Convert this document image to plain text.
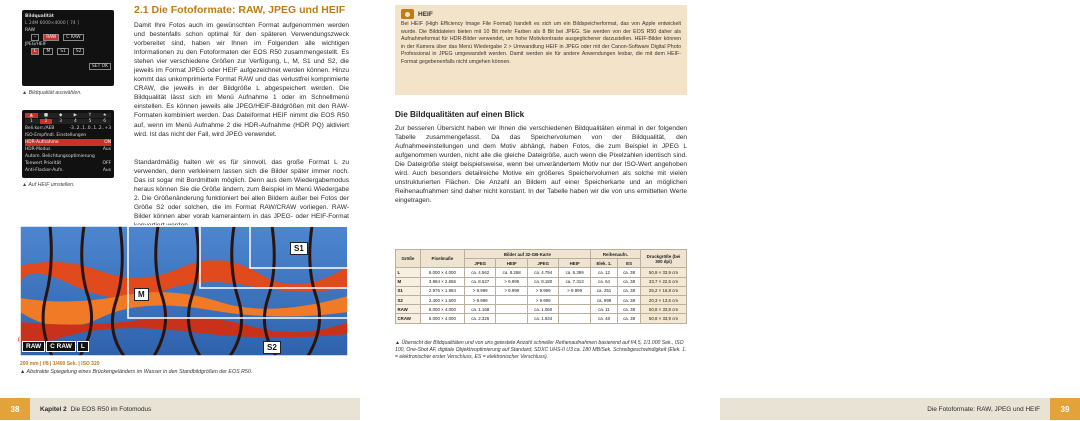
Bildqualität
L 24M 6000×4000 [ 74 ]
RAW
–	RAW	C RAW
JPEG/HEIF
L	M	S1	S2
SET OK
▲ Bildqualität auswählen.
▲	■	◆	▶	Y	★
1	2	3	4	5	6
Beli.korr./AEB	-3..2..1..0..1..2..+3
ISO-Empfindl. Einstellungen
HDR-Aufnahme	ON
HDR-Modus	Aus
Autom. Belichtungsoptimierung
Tonwert Priorität	OFF
Anti-Flacker-Aufn.	Aus
▲ Auf HEIF umstellen.
2.1 Die Fotoformate: RAW, JPEG und HEIF

Damit Ihre Fotos auch im gewünschten Format aufgenommen werden und bestenfalls schon optimal für den späteren Verwendungszweck vorbereitet sind, haben wir Ihnen im Folgenden alle wichtigen Informationen zu den Fotoformaten der EOS R50 zusammengestellt. Es stehen vier verschiedene Größen zur Verfügung, L, M, S1 und S2, die jeweils im Format JPEG oder HEIF aufgezeichnet werden können. Hinzu kommt das unkomprimierte Format RAW und das verlustfrei komprimierte CRAW, die jeweils in der Bildgröße L abgespeichert werden. Die Bildqualität lässt sich im Menü Aufnahme 1 oder im Schnellmenü einstellen. Es können jeweils alle JPEG/HEIF-Bildgrößen mit den RAW-Formaten kombiniert werden. Das Dateiformat HEIF nimmt die EOS R50 auf, wenn im Menü Aufnahme 2 die HDR-Aufnahme (HDR PQ) aktiviert wird. Ist das nicht der Fall, wird JPEG verwendet.

Standardmäßig halten wir es für sinnvoll, das große Format L zu verwenden, denn verkleinern lassen sich die Bilder später immer noch. Das ist sogar mit Bordmitteln möglich. Denn aus dem Wiedergabemodus heraus können Sie die Größe ändern, zum Beispiel im Menü Wiedergabe 2. Die Größenänderung funktioniert bei allen Bildern außer bei Fotos der Größe S2 oder solchen, die im Format RAW/CRAW vorliegen. RAW-Bilder können aber vorab kameraintern in das JPEG- oder HEIF-Format

S1
M
S2
RAW	C RAW	L
200 mm | f/8 | 1/400 Sek. | ISO 320
▲ Abstrakte Spiegelung eines Brückengeländers im Wasser in den Standbildgrößen der EOS R50.
38	Kapitel 2 Die EOS R50 im Fotomodus
HEIF

Bei HEIF (High Efficiency Image File Format) handelt es sich um ein Bildspeicherformat, das von Apple entwickelt wurde. Die Bilddateien bieten mit 10 Bit mehr Farben als 8 Bit bei JPEG. Sie werden von der EOS R50 daher als Aufnahmeformat für HDR-Bilder verwendet, um hohe Motivkontraste ausgeglichener darzustellen. HEIF-Bilder können in der Kamera über das Menü Wiedergabe 2 > Umwandlung HEIF in JPEG oder mit der Canon-Software Digital Photo Professional in JPEG umgewandelt werden. Damit werden sie für andere Anwendungen lesbar, die mit dem HEIF-Format gegebenenfalls nicht umgehen können.

Die Bildqualitäten auf einen Blick

Zur besseren Übersicht haben wir Ihnen die verschiedenen Bildqualitäten einmal in der folgenden Tabelle zusammengefasst. Da das Speichervolumen von der Bildqualität, den Aufnahmeeinstellungen und dem Motiv abhängt, haben Fotos, die zum Beispiel in JPEG L aufgenommen wurden, nicht alle die gleiche Dateigröße, auch wenn die Pixelzahlen identisch sind. Die Dateigröße steigt beispielsweise, wenn bei unverändertem Motiv nur der ISO-Wert angehoben wird. Auch besonders detailreiche Motive ein größeres Speichervolumen als solche mit vielen unstrukturierten Flächen. Die Anzahl an Bildern auf einer Speicherkarte und an möglichen Reihenaufnahmen sind daher nicht konstant. In der Tabelle haben wir die von uns ermittelten Werte eingetragen.

Größe	Pixelmaße	Bilder auf 32-GB-Karte				Reihenaufn.		Druckgröße (bei 300 dpi)
		JPEG	HEIF	JPEG	HEIF	Elek. 1.	ES	
L	6.000 × 4.000	ca. 4.562	ca. 8.268	ca. 4.794	ca. 6.399	ca. 12	ca. 38	50,8 × 33,9 cm
M	3.984 × 2.656	ca. 8.627	> 9.999	ca. 8.180	ca. 7.313	ca. 64	ca. 38	33,7 × 22,5 cm
S1	2.976 × 1.984	> 9.999	> 9.999	> 9.999	> 9.999	ca. 251	ca. 38	25,2 × 16,8 cm
S2	2.400 × 1.600	> 9.999		> 9.999		ca. 999	ca. 38	20,3 × 13,5 cm
RAW	6.000 × 4.000	ca. 1.168		ca. 1.060		ca. 11	ca. 38	50,8 × 33,9 cm
CRAW	6.000 × 4.000	ca. 2.326		ca. 1.934		ca. 48	ca. 38	50,8 × 33,9 cm

▲ Übersicht der Bildqualitäten und von uns getestete Anzahl schneller Reihenaufnahmen basierend auf f/4,5, 1/1.000 Sek., ISO 100, One-Shot AF, digitale Objektivoptimierung auf Standard, SDXC UHS-II U3 ca. 180 MB/Sek. Schreibgeschwindigkeit (Elek. 1. = elektronischer erster Verschluss, ES = elektronischer Verschluss).

Die Fotoformate: RAW, JPEG und HEIF	39
